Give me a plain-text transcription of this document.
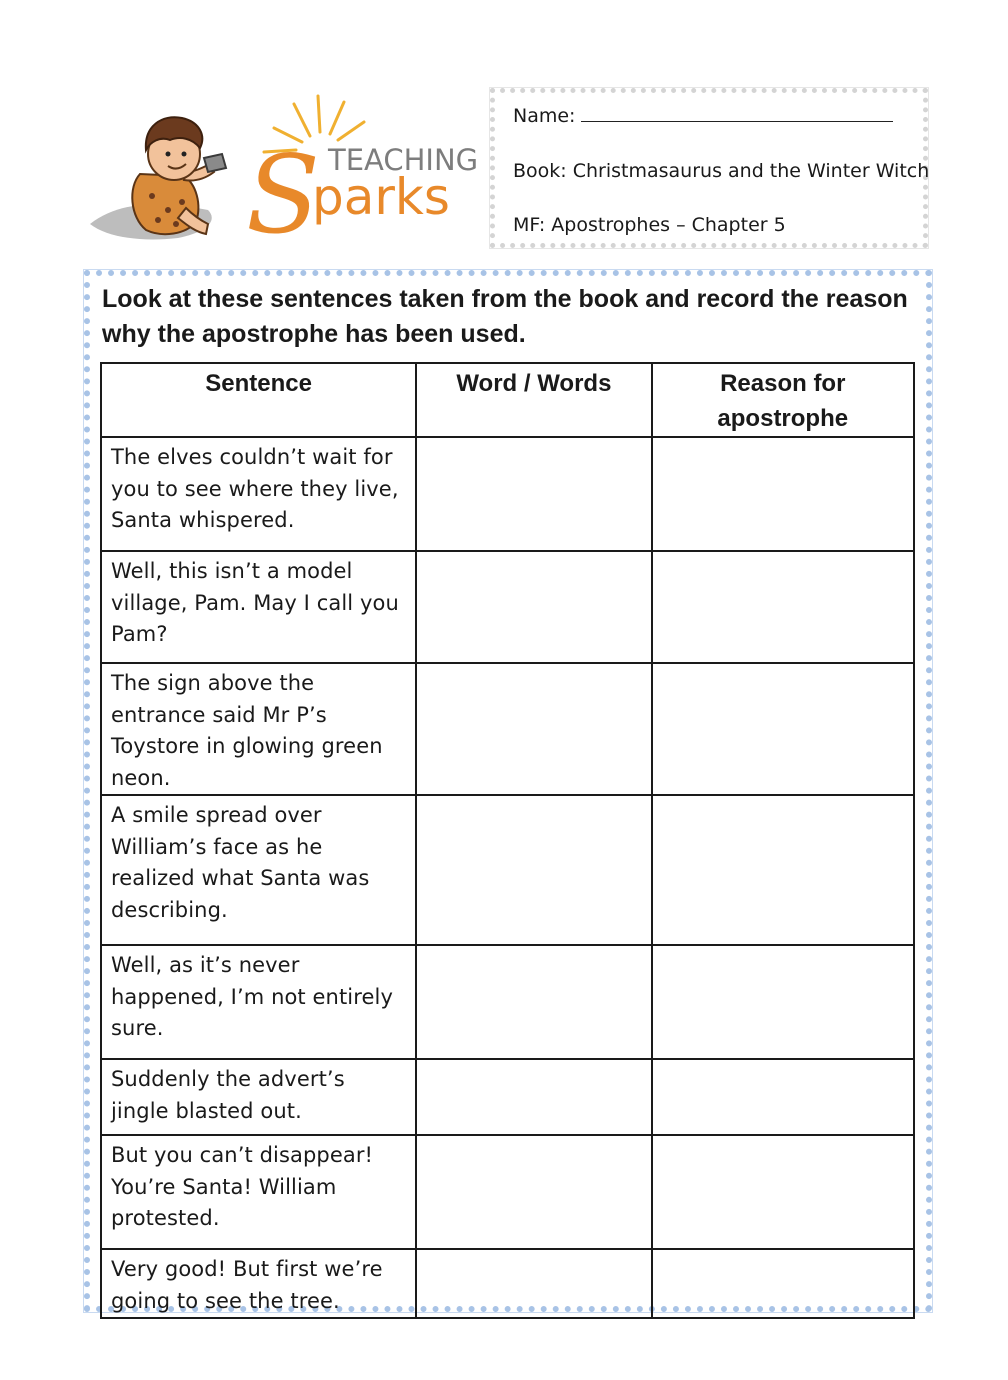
S TEACHING
parks
Name:
Book: Christmasaurus and the Winter Witch
MF: Apostrophes – Chapter 5
Look at these sentences taken from the book and record the reason why the apostrophe has been used.
Sentence	Word / Words	Reason for apostrophe
The elves couldn’t wait for you to see where they live, Santa whispered.		
Well, this isn’t a model village, Pam. May I call you Pam?		
The sign above the entrance said Mr P’s Toystore in glowing green neon.		
A smile spread over William’s face as he realized what Santa was describing.		
Well, as it’s never happened, I’m not entirely sure.		
Suddenly the advert’s jingle blasted out.		
But you can’t disappear! You’re Santa! William protested.		
Very good! But first we’re going to see the tree.		
